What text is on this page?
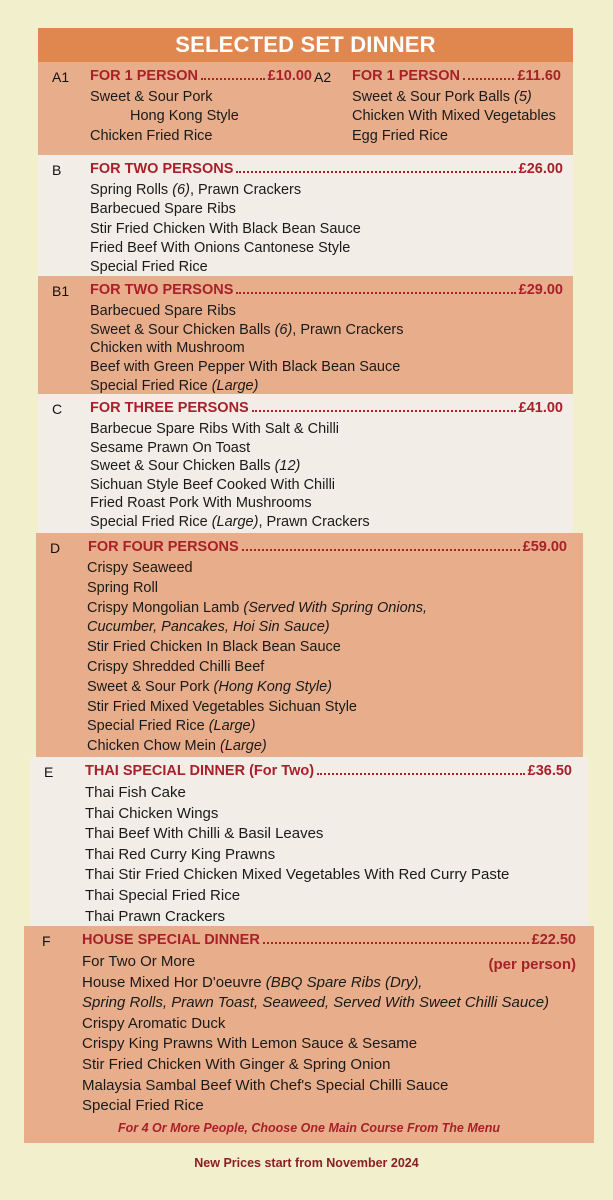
SELECTED SET DINNER
A1 FOR 1 PERSON	£10.00
Sweet & Sour Pork
Hong Kong Style
Chicken Fried Rice
A2 FOR 1 PERSON	£11.60
Sweet & Sour Pork Balls (5)
Chicken With Mixed Vegetables
Egg Fried Rice
B FOR TWO PERSONS	£26.00
Spring Rolls (6), Prawn Crackers
Barbecued Spare Ribs
Stir Fried Chicken With Black Bean Sauce
Fried Beef With Onions Cantonese Style
Special Fried Rice
B1 FOR TWO PERSONS	£29.00
Barbecued Spare Ribs
Sweet & Sour Chicken Balls (6), Prawn Crackers
Chicken with Mushroom
Beef with Green Pepper With Black Bean Sauce
Special Fried Rice (Large)
C FOR THREE PERSONS	£41.00
Barbecue Spare Ribs With Salt & Chilli
Sesame Prawn On Toast
Sweet & Sour Chicken Balls (12)
Sichuan Style Beef Cooked With Chilli
Fried Roast Pork With Mushrooms
Special Fried Rice (Large), Prawn Crackers
D FOR FOUR PERSONS	£59.00
Crispy Seaweed
Spring Roll
Crispy Mongolian Lamb (Served With Spring Onions,
Cucumber, Pancakes, Hoi Sin Sauce)
Stir Fried Chicken In Black Bean Sauce
Crispy Shredded Chilli Beef
Sweet & Sour Pork (Hong Kong Style)
Stir Fried Mixed Vegetables Sichuan Style
Special Fried Rice (Large)
Chicken Chow Mein (Large)
E THAI SPECIAL DINNER (For Two)	£36.50
Thai Fish Cake
Thai Chicken Wings
Thai Beef With Chilli & Basil Leaves
Thai Red Curry King Prawns
Thai Stir Fried Chicken Mixed Vegetables With Red Curry Paste
Thai Special Fried Rice
Thai Prawn Crackers
F HOUSE SPECIAL DINNER	£22.50
(per person)
For Two Or More
House Mixed Hor D'oeuvre (BBQ Spare Ribs (Dry),
Spring Rolls, Prawn Toast, Seaweed, Served With Sweet Chilli Sauce)
Crispy Aromatic Duck
Crispy King Prawns With Lemon Sauce & Sesame
Stir Fried Chicken With Ginger & Spring Onion
Malaysia Sambal Beef With Chef's Special Chilli Sauce
Special Fried Rice
For 4 Or More People, Choose One Main Course From The Menu
New Prices start from November 2024
